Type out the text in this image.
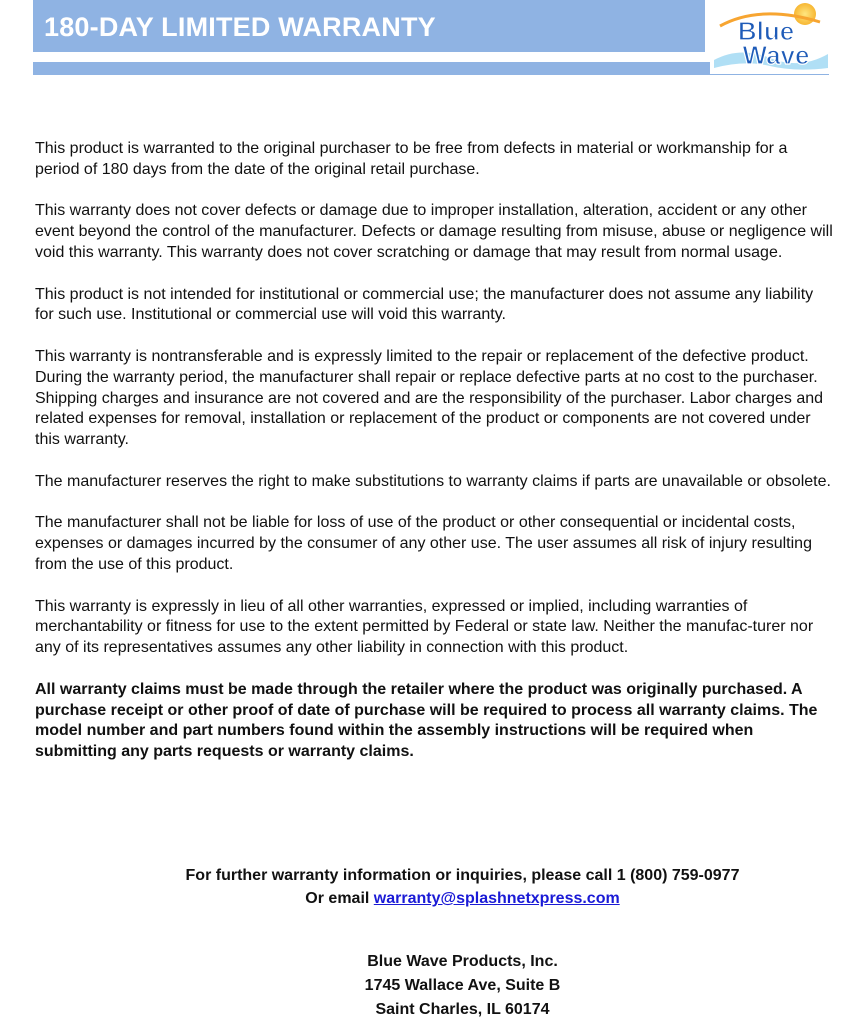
180-DAY LIMITED WARRANTY	Blue
Wave

This product is warranted to the original purchaser to be free from defects in material or workmanship for a period of 180 days from the date of the original retail purchase.

This warranty does not cover defects or damage due to improper installation, alteration, accident or any other event beyond the control of the manufacturer. Defects or damage resulting from misuse, abuse or negligence will void this warranty. This warranty does not cover scratching or damage that may result from normal usage.

This product is not intended for institutional or commercial use; the manufacturer does not assume any liability for such use. Institutional or commercial use will void this warranty.

This warranty is nontransferable and is expressly limited to the repair or replacement of the defective product. During the warranty period, the manufacturer shall repair or replace defective parts at no cost to the purchaser. Shipping charges and insurance are not covered and are the responsibility of the purchaser. Labor charges and related expenses for removal, installation or replacement of the product or components are not covered under this warranty.

The manufacturer reserves the right to make substitutions to warranty claims if parts are unavailable or obsolete.

The manufacturer shall not be liable for loss of use of the product or other consequential or incidental costs, expenses or damages incurred by the consumer of any other use. The user assumes all risk of injury resulting from the use of this product.

This warranty is expressly in lieu of all other warranties, expressed or implied, including warranties of merchantability or fitness for use to the extent permitted by Federal or state law. Neither the manufac-turer nor any of its representatives assumes any other liability in connection with this product.

All warranty claims must be made through the retailer where the product was originally purchased. A purchase receipt or other proof of date of purchase will be required to process all warranty claims. The model number and part numbers found within the assembly instructions will be required when submitting any parts requests or warranty claims.

For further warranty information or inquiries, please call 1 (800) 759-0977
Or email warranty@splashnetxpress.com
Blue Wave Products, Inc.
1745 Wallace Ave, Suite B
Saint Charles, IL 60174
